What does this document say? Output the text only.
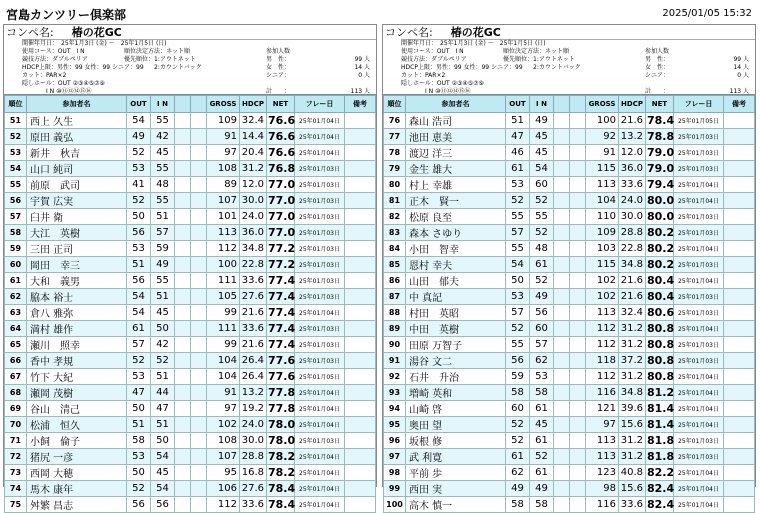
宮島カンツリー倶楽部	2025/01/05 15:32
コンペ名: 椿の花GC
開催年月日：　25年1月3日 (金) ～　25年1月5日 (日)
使用コース：OUT　I N	順位決定方法：ネット順
競技方法：ダブルペリア	優先順位：1:アウトネット
HDCP上限：男性：99 女性：99 シニア：99 2:カウントバック
カット：PAR×2
隠しホール：OUT ②③④⑤⑦⑨
I N ⑩⑪⑫⑭⑮⑯
参加人数
男　性：	99 人
女　性：	14 人
シニア：	0 人
計　　：	113 人
順位	参加者名	OUT	I N			GROSS	HDCP	NET	フレー日	備考
51	西上 久生	54	55			109	32.4	76.6	25年01月04日	
52	原田 義弘	49	42			91	14.4	76.6	25年01月04日	
53	新井　秋吉	52	45			97	20.4	76.6	25年01月04日	
54	山口 純司	53	55			108	31.2	76.8	25年01月03日	
55	前原　武司	41	48			89	12.0	77.0	25年01月03日	
56	宇賀 広実	52	55			107	30.0	77.0	25年01月03日	
57	臼井 衛	50	51			101	24.0	77.0	25年01月03日	
58	大江　英樹	56	57			113	36.0	77.0	25年01月03日	
59	三田 正司	53	59			112	34.8	77.2	25年01月03日	
60	岡田　幸三	51	49			100	22.8	77.2	25年01月03日	
61	大和　義男	56	55			111	33.6	77.4	25年01月03日	
62	脇本 裕士	54	51			105	27.6	77.4	25年01月03日	
63	倉八 雅弥	54	45			99	21.6	77.4	25年01月04日	
64	満村 雄作	61	50			111	33.6	77.4	25年01月03日	
65	瀬川　照幸	57	42			99	21.6	77.4	25年01月03日	
66	香中 孝規	52	52			104	26.4	77.6	25年01月03日	
67	竹下 大紀	53	51			104	26.4	77.6	25年01月05日	
68	瀬岡 茂樹	47	44			91	13.2	77.8	25年01月04日	
69	谷山　清己	50	47			97	19.2	77.8	25年01月04日	
70	松浦　恒久	51	51			102	24.0	78.0	25年01月04日	
71	小飼　倫子	58	50			108	30.0	78.0	25年01月03日	
72	猪尻 一彦	53	54			107	28.8	78.2	25年01月04日	
73	西岡 大穂	50	45			95	16.8	78.2	25年01月04日	
74	馬木 康年	52	54			106	27.6	78.4	25年01月04日	
75	舛繁 昌志	56	56			112	33.6	78.4	25年01月04日	
コンペ名: 椿の花GC
開催年月日：　25年1月3日 (金) ～　25年1月5日 (日)
使用コース：OUT　I N	順位決定方法：ネット順
競技方法：ダブルペリア	優先順位：1:アウトネット
HDCP上限：男性：99 女性：99 シニア：99 2:カウントバック
カット：PAR×2
隠しホール：OUT ②③④⑤⑦⑨
I N ⑩⑪⑫⑭⑮⑯
参加人数
男　性：	99 人
女　性：	14 人
シニア：	0 人
計　　：	113 人
順位	参加者名	OUT	I N			GROSS	HDCP	NET	フレー日	備考
76	森山 浩司	51	49			100	21.6	78.4	25年01月05日	
77	池田 恵美	47	45			92	13.2	78.8	25年01月03日	
78	渡辺 洋三	46	45			91	12.0	79.0	25年01月03日	
79	金生 雄大	61	54			115	36.0	79.0	25年01月03日	
80	村上 幸雄	53	60			113	33.6	79.4	25年01月04日	
81	正木　賢一	52	52			104	24.0	80.0	25年01月04日	
82	松原 良至	55	55			110	30.0	80.0	25年01月03日	
83	森本 さゆり	57	52			109	28.8	80.2	25年01月03日	
84	小田　智幸	55	48			103	22.8	80.2	25年01月04日	
85	恩村 幸夫	54	61			115	34.8	80.2	25年01月03日	
86	山田　郁夫	50	52			102	21.6	80.4	25年01月04日	
87	中 真記	53	49			102	21.6	80.4	25年01月03日	
88	村田　英昭	57	56			113	32.4	80.6	25年01月03日	
89	中田　英樹	52	60			112	31.2	80.8	25年01月04日	
90	田原 万智子	55	57			112	31.2	80.8	25年01月03日	
91	湯谷 文二	56	62			118	37.2	80.8	25年01月03日	
92	石井　升治	59	53			112	31.2	80.8	25年01月04日	
93	増崎 英和	58	58			116	34.8	81.2	25年01月04日	
94	山崎 啓	60	61			121	39.6	81.4	25年01月04日	
95	奥田 望	52	45			97	15.6	81.4	25年01月04日	
96	坂根 修	52	61			113	31.2	81.8	25年01月03日	
97	武 利寛	61	52			113	31.2	81.8	25年01月03日	
98	平前 歩	62	61			123	40.8	82.2	25年01月04日	
99	西田 実	49	49			98	15.6	82.4	25年01月04日	
100	高木 慎一	58	58			116	33.6	82.4	25年01月04日	
